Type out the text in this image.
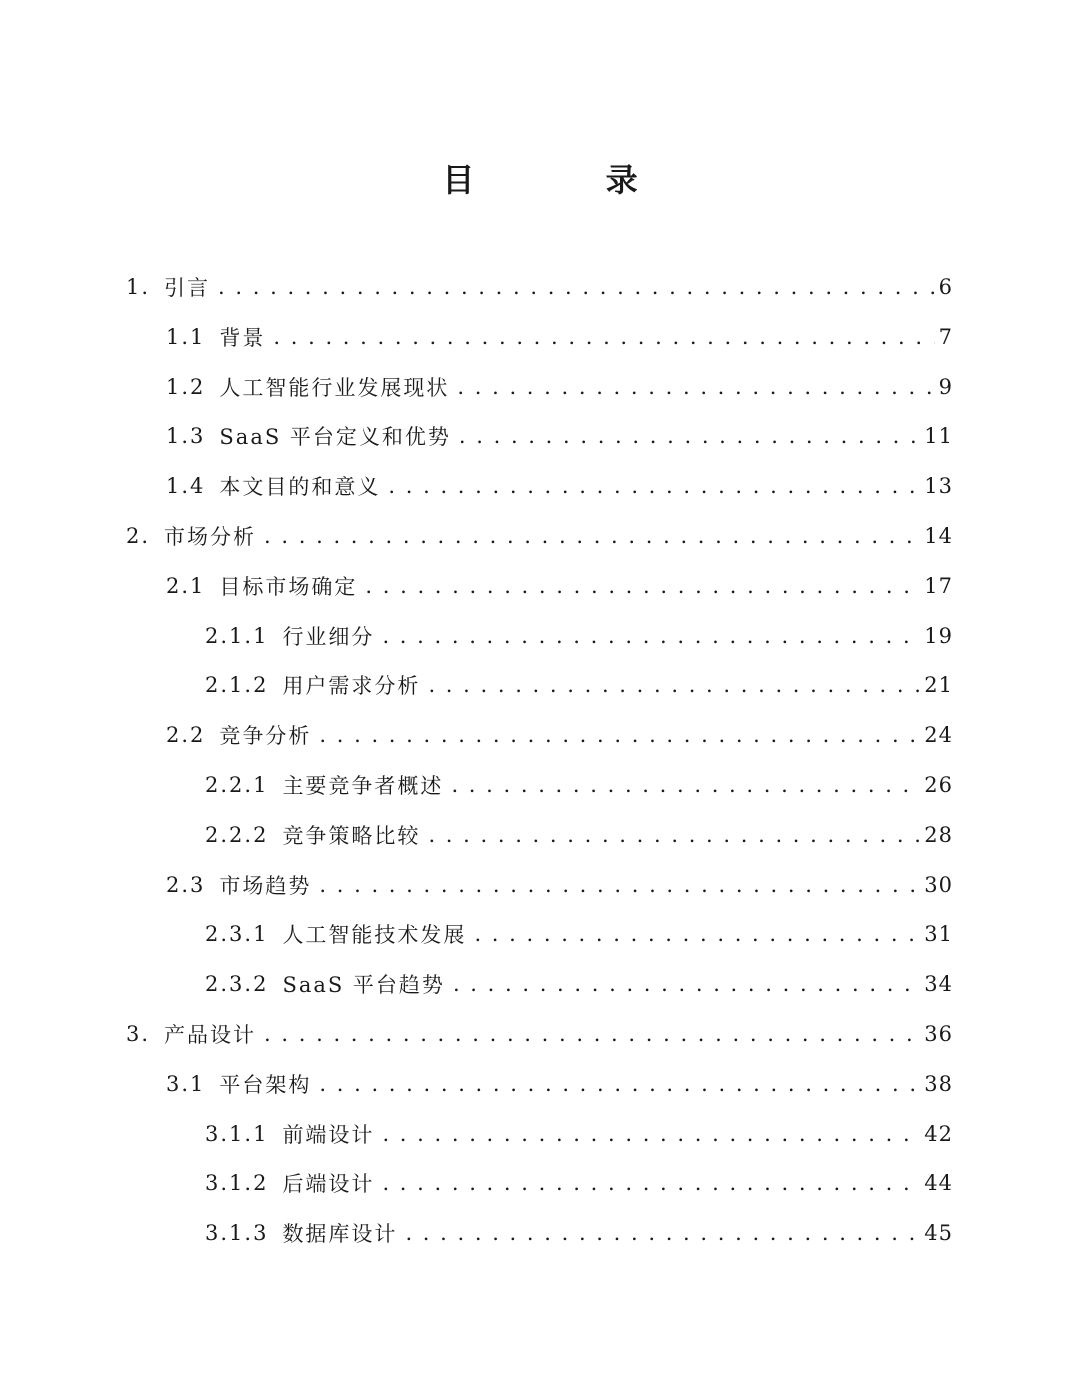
目 录
1. 引言 . . .	6
1.1 背景 . . .	7
1.2 人工智能行业发展现状 . . .	9
1.3 SaaS 平台定义和优势 . . .	11
1.4 本文目的和意义 . . .	13
2. 市场分析 . . .	14
2.1 目标市场确定 . . .	17
2.1.1 行业细分 . . .	19
2.1.2 用户需求分析 . . .	21
2.2 竞争分析 . . .	24
2.2.1 主要竞争者概述 . . .	26
2.2.2 竞争策略比较 . . .	28
2.3 市场趋势 . . .	30
2.3.1 人工智能技术发展 . . .	31
2.3.2 SaaS 平台趋势 . . .	34
3. 产品设计 . . .	36
3.1 平台架构 . . .	38
3.1.1 前端设计 . . .	42
3.1.2 后端设计 . . .	44
3.1.3 数据库设计 . . .	45
